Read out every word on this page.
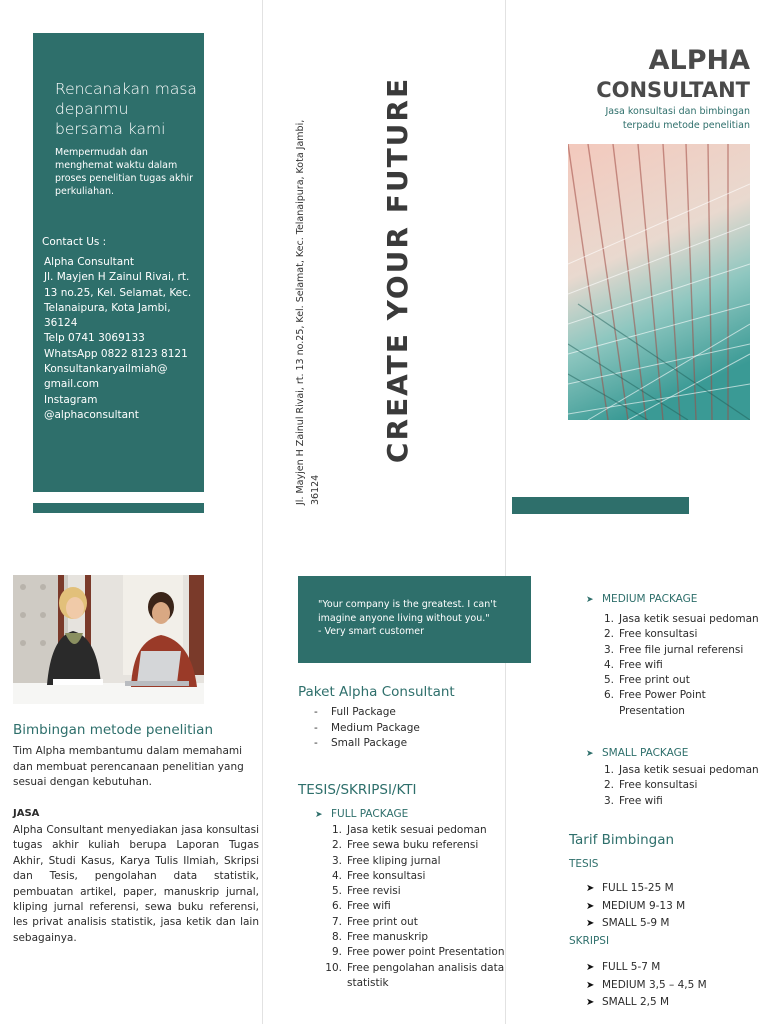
Rencanakan masa depanmu bersama kami
Mempermudah dan menghemat waktu dalam proses penelitian tugas akhir perkuliahan.
Contact Us :
Alpha Consultant
Jl. Mayjen H Zainul Rivai, rt.
13 no.25, Kel. Selamat, Kec.
Telanaipura, Kota Jambi,
36124
Telp 0741 3069133
WhatsApp 0822 8123 8121
Konsultankaryailmiah@
gmail.com
Instagram
@alphaconsultant	Jl. Mayjen H Zainul Rivai, rt. 13 no.25, Kel. Selamat, Kec. Telanaipura, Kota Jambi, 36124
CREATE YOUR FUTURE
ALPHA
CONSULTANT
Jasa konsultasi dan bimbingan
terpadu metode penelitian
Bimbingan metode penelitian
Tim Alpha membantumu dalam memahami dan membuat perencanaan penelitian yang sesuai dengan kebutuhan.
JASA
Alpha Consultant menyediakan jasa konsultasi tugas akhir kuliah berupa Laporan Tugas Akhir, Studi Kasus, Karya Tulis Ilmiah, Skripsi dan Tesis, pengolahan data statistik, pembuatan artikel, paper, manuskrip jurnal, kliping jurnal referensi, sewa buku referensi, les privat analisis statistik, jasa ketik dan lain sebagainya.
"Your company is the greatest. I can't imagine anyone living without you."
- Very smart customer
Paket Alpha Consultant
- Full Package
- Medium Package
- Small Package
TESIS/SKRIPSI/KTI
➤ FULL PACKAGE
1. Jasa ketik sesuai pedoman
2. Free sewa buku referensi
3. Free kliping jurnal
4. Free konsultasi
5. Free revisi
6. Free wifi
7. Free print out
8. Free manuskrip
9. Free power point Presentation
10. Free pengolahan analisis data statistik
➤ MEDIUM PACKAGE
1. Jasa ketik sesuai pedoman
2. Free konsultasi
3. Free file jurnal referensi
4. Free wifi
5. Free print out
6. Free Power Point Presentation
➤ SMALL PACKAGE
1. Jasa ketik sesuai pedoman
2. Free konsultasi
3. Free wifi
Tarif Bimbingan
TESIS
➤ FULL 15-25 M
➤ MEDIUM 9-13 M
➤ SMALL 5-9 M
SKRIPSI
➤ FULL 5-7 M
➤ MEDIUM 3,5 – 4,5 M
➤ SMALL 2,5 M
